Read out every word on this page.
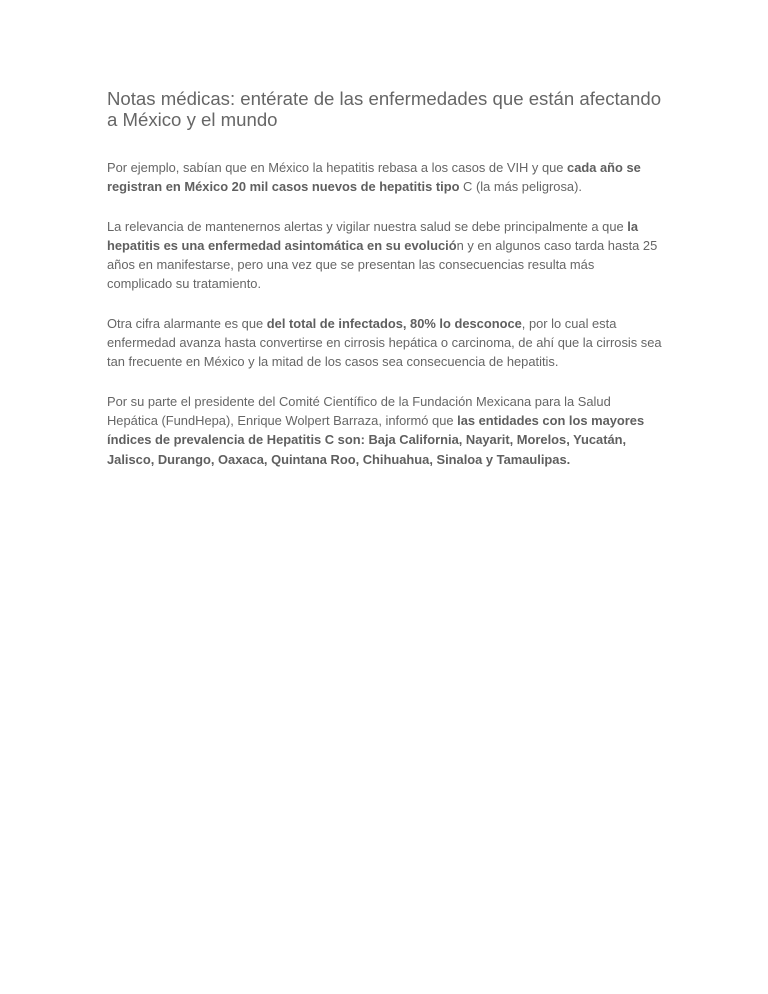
Notas médicas: entérate de las enfermedades que están afectando a México y el mundo

Por ejemplo, sabían que en México la hepatitis rebasa a los casos de VIH y que cada año se registran en México 20 mil casos nuevos de hepatitis tipo C (la más peligrosa).

La relevancia de mantenernos alertas y vigilar nuestra salud se debe principalmente a que la hepatitis es una enfermedad asintomática en su evolución y en algunos caso tarda hasta 25 años en manifestarse, pero una vez que se presentan las consecuencias resulta más complicado su tratamiento.

Otra cifra alarmante es que del total de infectados, 80% lo desconoce, por lo cual esta enfermedad avanza hasta convertirse en cirrosis hepática o carcinoma, de ahí que la cirrosis sea tan frecuente en México y la mitad de los casos sea consecuencia de hepatitis.

Por su parte el presidente del Comité Científico de la Fundación Mexicana para la Salud Hepática (FundHepa), Enrique Wolpert Barraza, informó que las entidades con los mayores índices de prevalencia de Hepatitis C son: Baja California, Nayarit, Morelos, Yucatán, Jalisco, Durango, Oaxaca, Quintana Roo, Chihuahua, Sinaloa y Tamaulipas.
